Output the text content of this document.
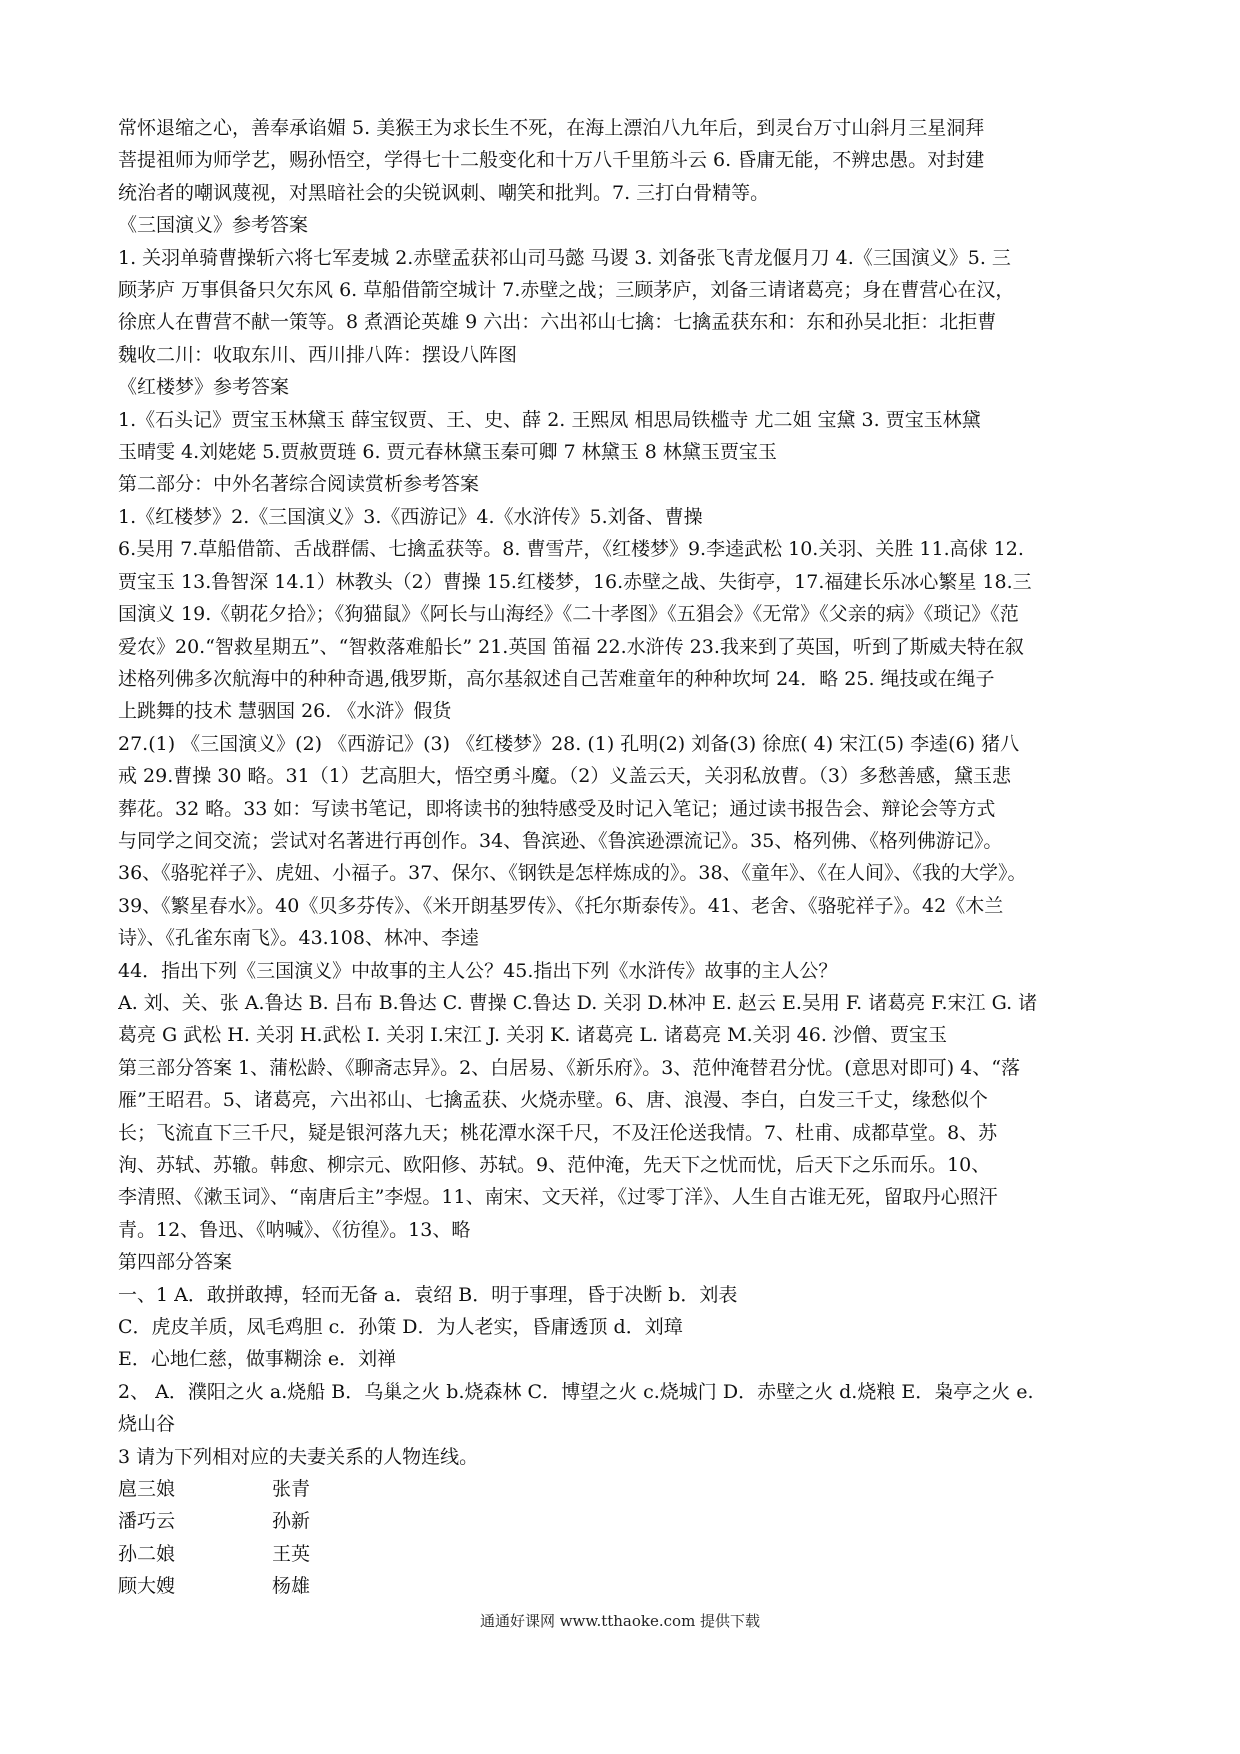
常怀退缩之心，善奉承谄媚 5. 美猴王为求长生不死，在海上漂泊八九年后，到灵台万寸山斜月三星洞拜
菩提祖师为师学艺，赐孙悟空，学得七十二般变化和十万八千里筋斗云 6. 昏庸无能，不辨忠愚。对封建
统治者的嘲讽蔑视，对黑暗社会的尖锐讽刺、嘲笑和批判。7. 三打白骨精等。
《三国演义》参考答案
1. 关羽单骑曹操斩六将七军麦城 2.赤壁孟获祁山司马懿 马谡 3. 刘备张飞青龙偃月刀 4.《三国演义》5. 三
顾茅庐 万事俱备只欠东风 6. 草船借箭空城计 7.赤壁之战；三顾茅庐，刘备三请诸葛亮；身在曹营心在汉，
徐庶人在曹营不献一策等。8 煮酒论英雄 9 六出：六出祁山七擒：七擒孟获东和：东和孙吴北拒：北拒曹
魏收二川：收取东川、西川排八阵：摆设八阵图
《红楼梦》参考答案
1.《石头记》贾宝玉林黛玉 薛宝钗贾、王、史、薛 2. 王熙凤 相思局铁槛寺 尤二姐 宝黛 3. 贾宝玉林黛
玉晴雯 4.刘姥姥 5.贾赦贾琏 6. 贾元春林黛玉秦可卿 7 林黛玉 8 林黛玉贾宝玉
第二部分：中外名著综合阅读赏析参考答案
1.《红楼梦》2.《三国演义》3.《西游记》4.《水浒传》5.刘备、曹操
6.吴用 7.草船借箭、舌战群儒、七擒孟获等。8. 曹雪芹，《红楼梦》9.李逵武松 10.关羽、关胜 11.高俅 12.
贾宝玉 13.鲁智深 14.1）林教头（2）曹操 15.红楼梦，16.赤壁之战、失街亭，17.福建长乐冰心繁星 18.三
国演义 19.《朝花夕拾》；《狗猫鼠》《阿长与山海经》《二十孝图》《五猖会》《无常》《父亲的病》《琐记》《范
爱农》20.“智救星期五”、“智救落难船长” 21.英国 笛福 22.水浒传 23.我来到了英国，听到了斯威夫特在叙
述格列佛多次航海中的种种奇遇,俄罗斯，高尔基叙述自己苦难童年的种种坎坷 24．略 25. 绳技或在绳子
上跳舞的技术 慧骃国 26. 《水浒》假货
27.(1) 《三国演义》(2) 《西游记》(3) 《红楼梦》28. (1) 孔明(2) 刘备(3) 徐庶( 4) 宋江(5) 李逵(6) 猪八
戒 29.曹操 30 略。31（1）艺高胆大，悟空勇斗魔。（2）义盖云天，关羽私放曹。（3）多愁善感，黛玉悲
葬花。32 略。33 如：写读书笔记，即将读书的独特感受及时记入笔记；通过读书报告会、辩论会等方式
与同学之间交流；尝试对名著进行再创作。34、鲁滨逊、《鲁滨逊漂流记》。35、格列佛、《格列佛游记》。
36、《骆驼祥子》、虎妞、小福子。37、保尔、《钢铁是怎样炼成的》。38、《童年》、《在人间》、《我的大学》。
39、《繁星春水》。40《贝多芬传》、《米开朗基罗传》、《托尔斯泰传》。41、老舍、《骆驼祥子》。42《木兰
诗》、《孔雀东南飞》。43.108、林冲、李逵
44．指出下列《三国演义》中故事的主人公？45.指出下列《水浒传》故事的主人公？
A. 刘、关、张 A.鲁达 B. 吕布 B.鲁达 C. 曹操 C.鲁达 D. 关羽 D.林冲 E. 赵云 E.吴用 F. 诸葛亮 F.宋江 G. 诸
葛亮 G 武松 H. 关羽 H.武松 I. 关羽 I.宋江 J. 关羽 K. 诸葛亮 L. 诸葛亮 M.关羽 46. 沙僧、贾宝玉
第三部分答案 1、蒲松龄、《聊斋志异》。2、白居易、《新乐府》。3、范仲淹替君分忧。(意思对即可) 4、“落
雁”王昭君。5、诸葛亮，六出祁山、七擒孟获、火烧赤壁。6、唐、浪漫、李白，白发三千丈，缘愁似个
长；飞流直下三千尺，疑是银河落九天；桃花潭水深千尺，不及汪伦送我情。7、杜甫、成都草堂。8、苏
洵、苏轼、苏辙。韩愈、柳宗元、欧阳修、苏轼。9、范仲淹，先天下之忧而忧，后天下之乐而乐。10、
李清照、《漱玉词》、“南唐后主”李煜。11、南宋、文天祥，《过零丁洋》、人生自古谁无死，留取丹心照汗
青。12、鲁迅、《呐喊》、《彷徨》。13、略
第四部分答案
一、1 A．敢拼敢搏，轻而无备 a．袁绍 B．明于事理，昏于决断 b．刘表
C．虎皮羊质，凤毛鸡胆 c．孙策 D．为人老实，昏庸透顶 d．刘璋
E．心地仁慈，做事糊涂 e．刘禅
2、 A．濮阳之火 a.烧船 B．乌巢之火 b.烧森林 C．博望之火 c.烧城门 D．赤壁之火 d.烧粮 E．枭亭之火 e.
烧山谷
3 请为下列相对应的夫妻关系的人物连线。
扈三娘	张青
潘巧云	孙新
孙二娘	王英
顾大嫂	杨雄
通通好课网 www.tthaoke.com 提供下载
